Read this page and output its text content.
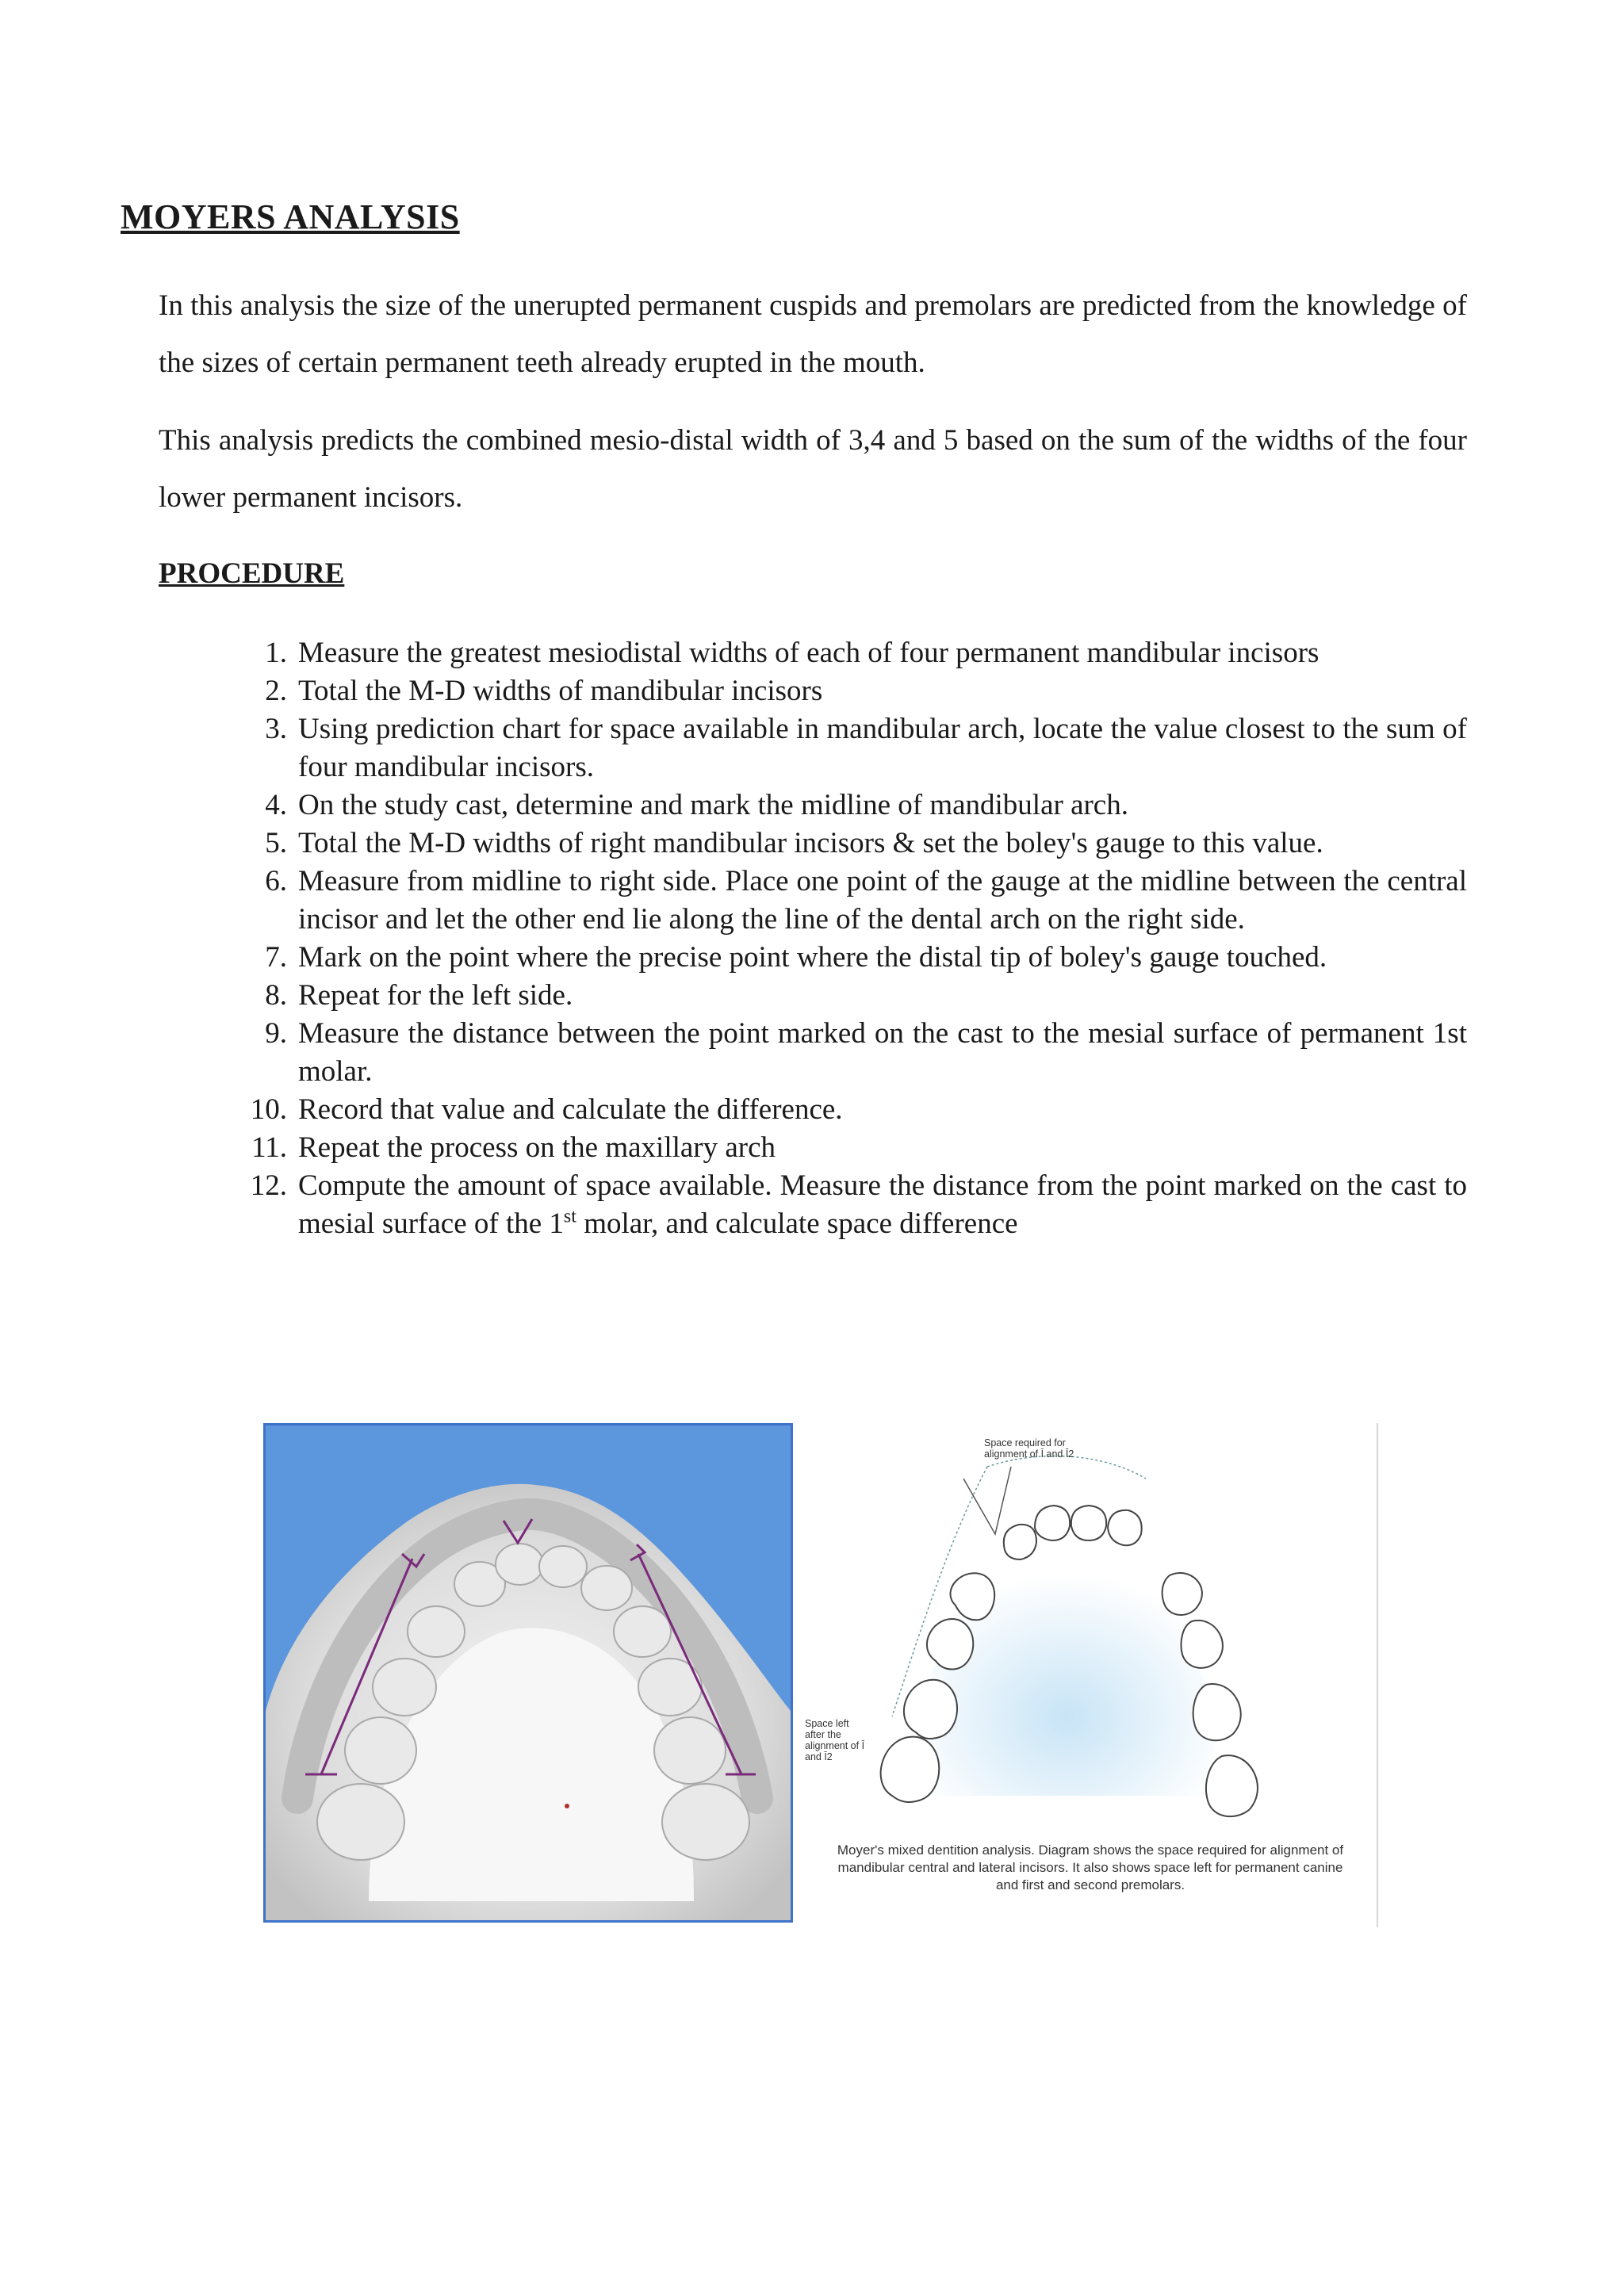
MOYERS ANALYSIS

In this analysis the size of the unerupted permanent cuspids and premolars are predicted from the knowledge of the sizes of certain permanent teeth already erupted in the mouth.

This analysis predicts the combined mesio-distal width of 3,4 and 5 based on the sum of the widths of the four lower permanent incisors.

PROCEDURE
1. Measure the greatest mesiodistal widths of each of four permanent mandibular incisors
2. Total the M-D widths of mandibular incisors
3. Using prediction chart for space available in mandibular arch, locate the value closest to the sum of four mandibular incisors.
4. On the study cast, determine and mark the midline of mandibular arch.
5. Total the M-D widths of right mandibular incisors & set the boley's gauge to this value.
6. Measure from midline to right side. Place one point of the gauge at the midline between the central incisor and let the other end lie along the line of the dental arch on the right side.
7. Mark on the point where the precise point where the distal tip of boley's gauge touched.
8. Repeat for the left side.
9. Measure the distance between the point marked on the cast to the mesial surface of permanent 1st molar.
10. Record that value and calculate the difference.
11. Repeat the process on the maxillary arch
12. Compute the amount of space available. Measure the distance from the point marked on the cast to mesial surface of the 1st molar, and calculate space difference
Space required for alignment of Ī and Ī2
Space left after the alignment of Ī and Ī2
Moyer's mixed dentition analysis. Diagram shows the space required for alignment of mandibular central and lateral incisors. It also shows space left for permanent canine and first and second premolars.
